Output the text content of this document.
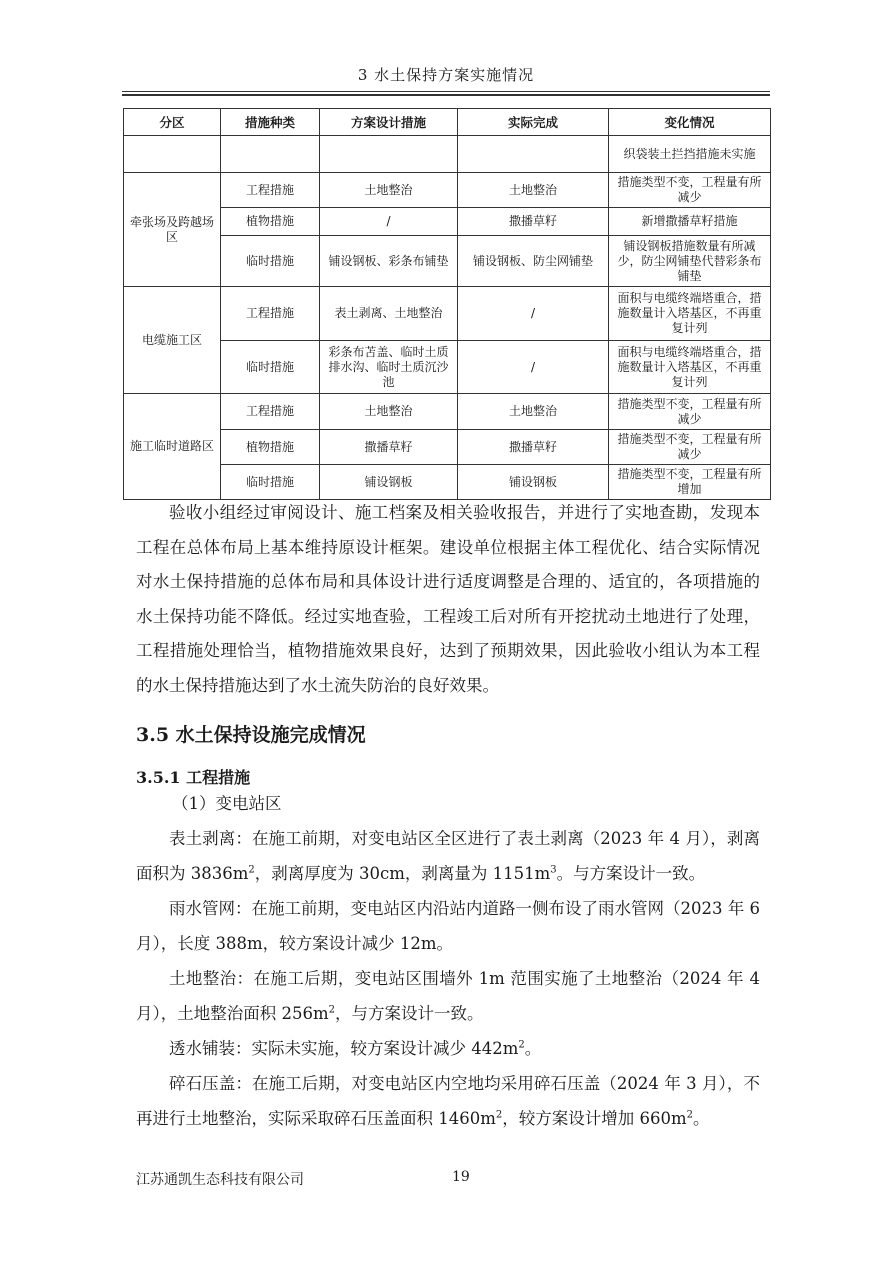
3 水土保持方案实施情况
分区	措施种类	方案设计措施	实际完成	变化情况
				织袋装土拦挡措施未实施
牵张场及跨越场区	工程措施	土地整治	土地整治	措施类型不变，工程量有所减少
	植物措施	/	撒播草籽	新增撒播草籽措施
	临时措施	铺设钢板、彩条布铺垫	铺设钢板、防尘网铺垫	铺设钢板措施数量有所减少，防尘网铺垫代替彩条布铺垫
电缆施工区	工程措施	表土剥离、土地整治	/	面积与电缆终端塔重合，措施数量计入塔基区，不再重复计列
	临时措施	彩条布苫盖、临时土质排水沟、临时土质沉沙池	/	面积与电缆终端塔重合，措施数量计入塔基区，不再重复计列
施工临时道路区	工程措施	土地整治	土地整治	措施类型不变，工程量有所减少
	植物措施	撒播草籽	撒播草籽	措施类型不变，工程量有所减少
	临时措施	铺设钢板	铺设钢板	措施类型不变，工程量有所增加

验收小组经过审阅设计、施工档案及相关验收报告，并进行了实地查勘，发现本工程在总体布局上基本维持原设计框架。建设单位根据主体工程优化、结合实际情况对水土保持措施的总体布局和具体设计进行适度调整是合理的、适宜的，各项措施的水土保持功能不降低。经过实地查验，工程竣工后对所有开挖扰动土地进行了处理，工程措施处理恰当，植物措施效果良好，达到了预期效果，因此验收小组认为本工程的水土保持措施达到了水土流失防治的良好效果。

3.5 水土保持设施完成情况
3.5.1 工程措施

（1）变电站区

表土剥离：在施工前期，对变电站区全区进行了表土剥离（2023 年 4 月），剥离面积为 $3836m^2$，剥离厚度为 30cm，剥离量为 $1151m^3$。与方案设计一致。

雨水管网：在施工前期，变电站区内沿站内道路一侧布设了雨水管网（2023 年 6 月），长度 388m，较方案设计减少 12m。

土地整治：在施工后期，变电站区围墙外 1m 范围实施了土地整治（2024 年 4 月），土地整治面积 $256m^2$，与方案设计一致。

透水铺装：实际未实施，较方案设计减少 $442m^2$。

碎石压盖：在施工后期，对变电站区内空地均采用碎石压盖（2024 年 3 月），不再进行土地整治，实际采取碎石压盖面积 $1460m^2$，较方案设计增加 $660m^2$。

江苏通凯生态科技有限公司	19
